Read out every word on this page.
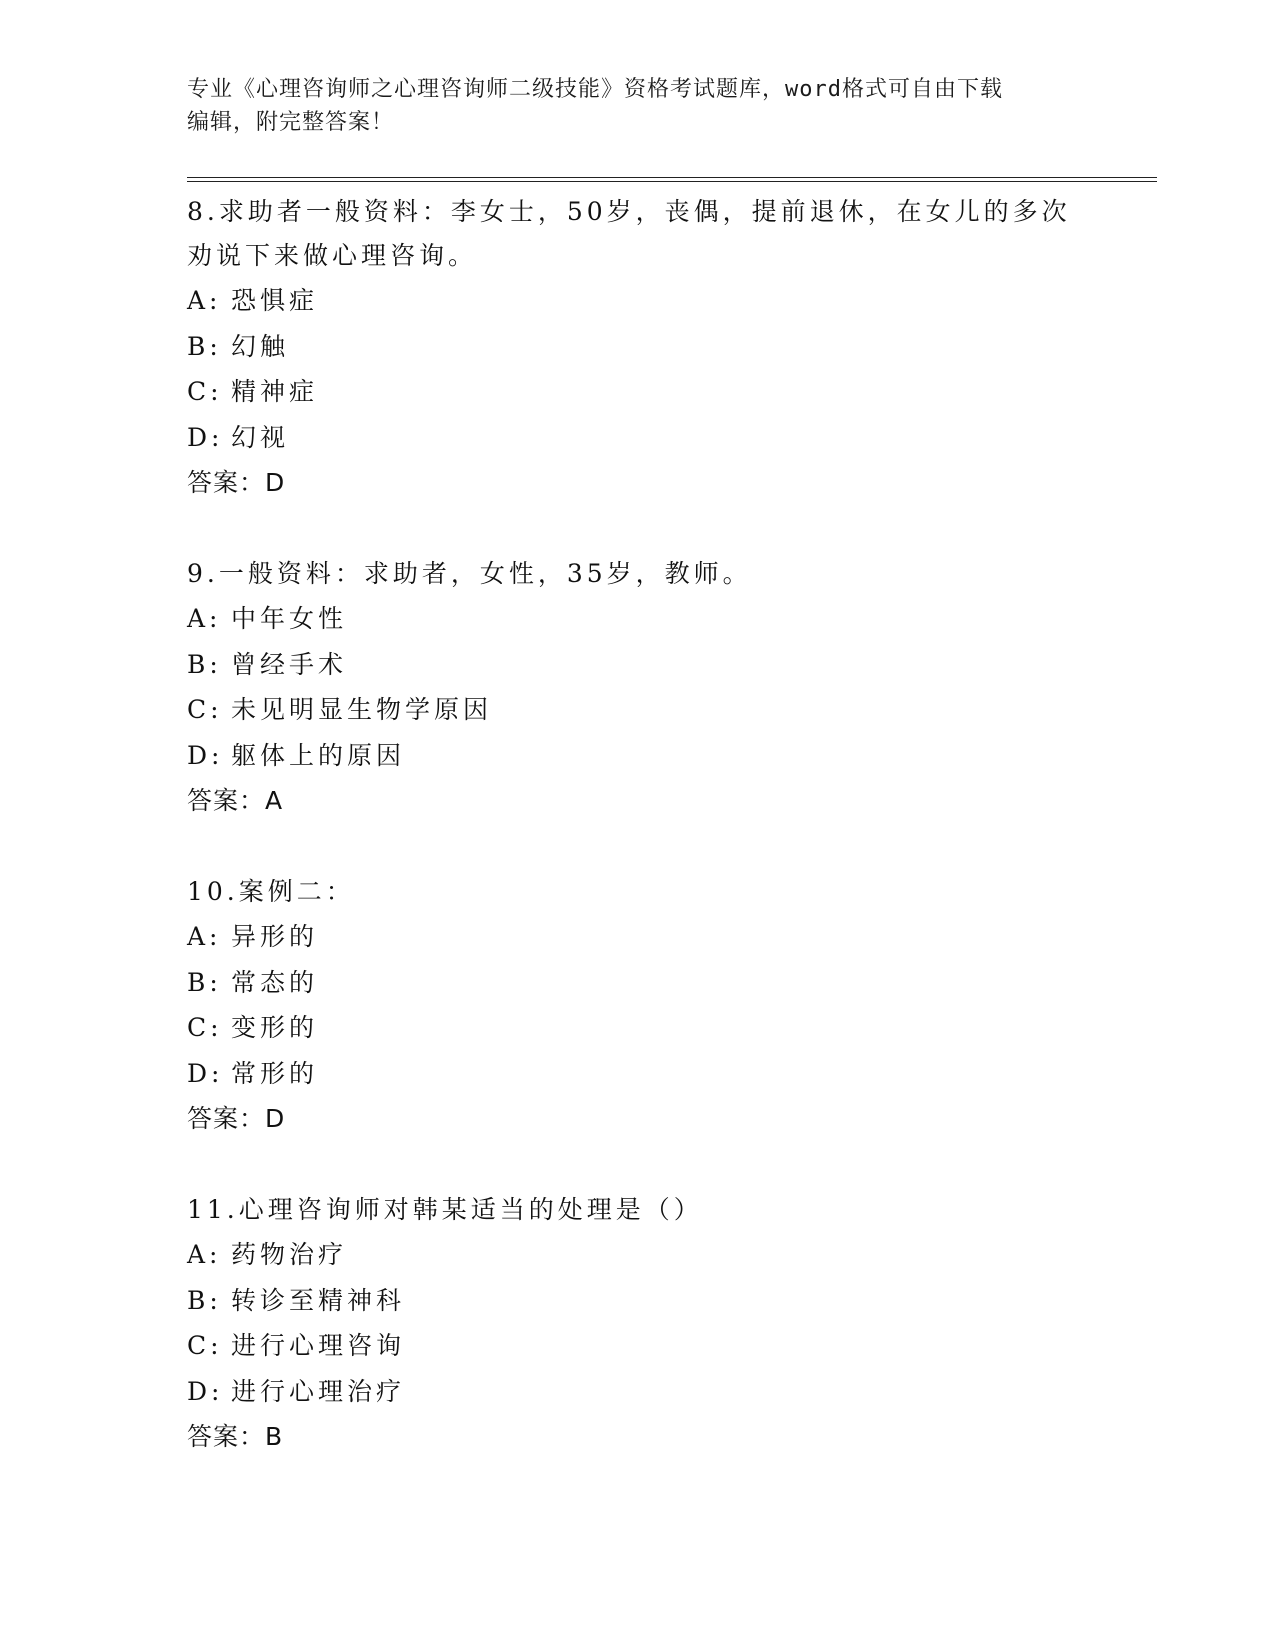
专业《心理咨询师之心理咨询师二级技能》资格考试题库，word格式可自由下载
编辑，附完整答案！
8.求助者一般资料：李女士，50岁，丧偶，提前退休，在女儿的多次
劝说下来做心理咨询。
A: 恐惧症
B: 幻触
C: 精神症
D: 幻视
答案：D
9.一般资料：求助者，女性，35岁，教师。
A: 中年女性
B: 曾经手术
C: 未见明显生物学原因
D: 躯体上的原因
答案：A
10.案例二：
A: 异形的
B: 常态的
C: 变形的
D: 常形的
答案：D
11.心理咨询师对韩某适当的处理是（）
A: 药物治疗
B: 转诊至精神科
C: 进行心理咨询
D: 进行心理治疗
答案：B
